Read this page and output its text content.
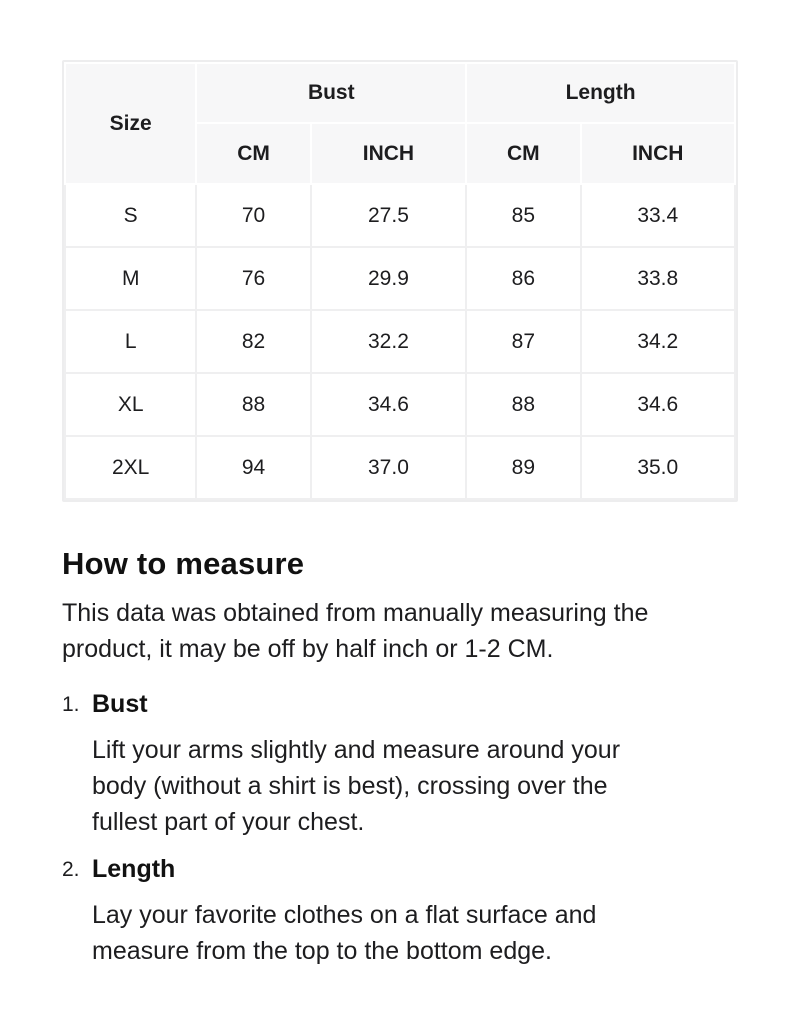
Size	Bust		Length	
	CM	INCH	CM	INCH
S	70	27.5	85	33.4
M	76	29.9	86	33.8
L	82	32.2	87	34.2
XL	88	34.6	88	34.6
2XL	94	37.0	89	35.0
How to measure

This data was obtained from manually measuring the
product, it may be off by half inch or 1-2 CM.

1. Bust
Lift your arms slightly and measure around your
body (without a shirt is best), crossing over the
fullest part of your chest.
2. Length
Lay your favorite clothes on a flat surface and
measure from the top to the bottom edge.
